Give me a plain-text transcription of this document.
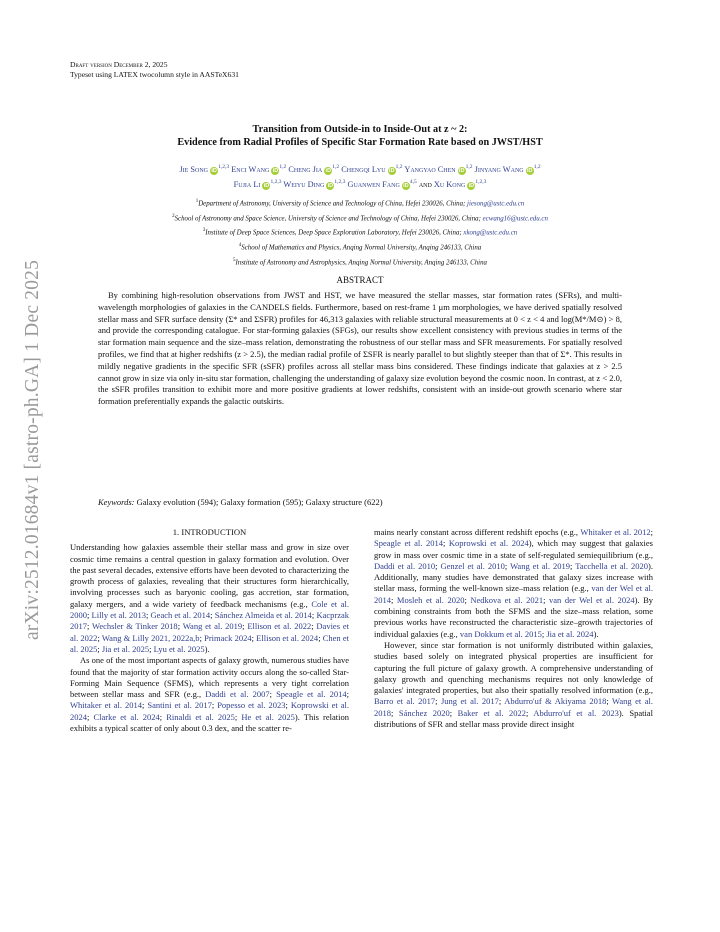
arXiv:2512.01684v1 [astro-ph.GA] 1 Dec 2025
Draft version December 2, 2025
Typeset using LATEX twocolumn style in AASTeX631
Transition from Outside-in to Inside-Out at z ~ 2:
Evidence from Radial Profiles of Specific Star Formation Rate based on JWST/HST
Jie Song iD$^{1,2,3}$ Enci Wang iD$^{1,2}$ Cheng Jia iD$^{1,2}$ Chengqi Lyu iD$^{1,2}$ Yangyao Chen iD$^{1,2}$ Jinyang Wang iD$^{1,2}$
Fujia Li iD$^{1,2,3}$ Weiyu Ding iD$^{1,2,3}$ Guanwen Fang iD$^{4,5}$ and Xu Kong iD$^{1,2,3}$
$^1$Department of Astronomy, University of Science and Technology of China, Hefei 230026, China; jiesong@ustc.edu.cn
$^2$School of Astronomy and Space Science, University of Science and Technology of China, Hefei 230026, China; ecwang16@ustc.edu.cn
$^3$Institute of Deep Space Sciences, Deep Space Exploration Laboratory, Hefei 230026, China; xkong@ustc.edu.cn
$^4$School of Mathematics and Physics, Anqing Normal University, Anqing 246133, China
$^5$Institute of Astronomy and Astrophysics, Anqing Normal University, Anqing 246133, China
ABSTRACT

By combining high-resolution observations from JWST and HST, we have measured the stellar masses, star formation rates (SFRs), and multi-wavelength morphologies of galaxies in the CANDELS fields. Furthermore, based on rest-frame 1 μm morphologies, we have derived spatially resolved stellar mass and SFR surface density (Σ* and ΣSFR) profiles for 46,313 galaxies with reliable structural measurements at 0 < z < 4 and log(M*/M⊙) > 8, and provide the corresponding catalogue. For star-forming galaxies (SFGs), our results show excellent consistency with previous studies in terms of the star formation main sequence and the size–mass relation, demonstrating the robustness of our stellar mass and SFR measurements. For spatially resolved profiles, we find that at higher redshifts (z > 2.5), the median radial profile of ΣSFR is nearly parallel to but slightly steeper than that of Σ*. This results in mildly negative gradients in the specific SFR (sSFR) profiles across all stellar mass bins considered. These findings indicate that galaxies at z > 2.5 cannot grow in size via only in-situ star formation, challenging the understanding of galaxy size evolution beyond the cosmic noon. In contrast, at z < 2.0, the sSFR profiles transition to exhibit more and more positive gradients at lower redshifts, consistent with an inside-out growth scenario where star formation preferentially expands the galactic outskirts.

Keywords: Galaxy evolution (594); Galaxy formation (595); Galaxy structure (622)
1. INTRODUCTION

Understanding how galaxies assemble their stellar mass and grow in size over cosmic time remains a central question in galaxy formation and evolution. Over the past several decades, extensive efforts have been devoted to characterizing the growth process of galaxies, revealing that their structures form hierarchically, involving processes such as baryonic cooling, gas accretion, star formation, galaxy mergers, and a wide variety of feedback mechanisms (e.g., Cole et al. 2000; Lilly et al. 2013; Geach et al. 2014; Sánchez Almeida et al. 2014; Kacprzak 2017; Wechsler & Tinker 2018; Wang et al. 2019; Ellison et al. 2022; Davies et al. 2022; Wang & Lilly 2021, 2022a,b; Primack 2024; Ellison et al. 2024; Chen et al. 2025; Jia et al. 2025; Lyu et al. 2025).

As one of the most important aspects of galaxy growth, numerous studies have found that the majority of star formation activity occurs along the so-called Star-Forming Main Sequence (SFMS), which represents a very tight correlation between stellar mass and SFR (e.g., Daddi et al. 2007; Speagle et al. 2014; Whitaker et al. 2014; Santini et al. 2017; Popesso et al. 2023; Koprowski et al. 2024; Clarke et al. 2024; Rinaldi et al. 2025; He et al. 2025). This relation exhibits a typical scatter of only about 0.3 dex, and the scatter re-

mains nearly constant across different redshift epochs (e.g., Whitaker et al. 2012; Speagle et al. 2014; Koprowski et al. 2024), which may suggest that galaxies grow in mass over cosmic time in a state of self-regulated semiequilibrium (e.g., Daddi et al. 2010; Genzel et al. 2010; Wang et al. 2019; Tacchella et al. 2020). Additionally, many studies have demonstrated that galaxy sizes increase with stellar mass, forming the well-known size–mass relation (e.g., van der Wel et al. 2014; Mosleh et al. 2020; Nedkova et al. 2021; van der Wel et al. 2024). By combining constraints from both the SFMS and the size–mass relation, some previous works have reconstructed the characteristic size–growth trajectories of individual galaxies (e.g., van Dokkum et al. 2015; Jia et al. 2024).

However, since star formation is not uniformly distributed within galaxies, studies based solely on integrated physical properties are insufficient for capturing the full picture of galaxy growth. A comprehensive understanding of galaxy growth and quenching mechanisms requires not only knowledge of galaxies' integrated properties, but also their spatially resolved information (e.g., Barro et al. 2017; Jung et al. 2017; Abdurro'uf & Akiyama 2018; Wang et al. 2018; Sánchez 2020; Baker et al. 2022; Abdurro'uf et al. 2023). Spatial distributions of SFR and stellar mass provide direct insight
